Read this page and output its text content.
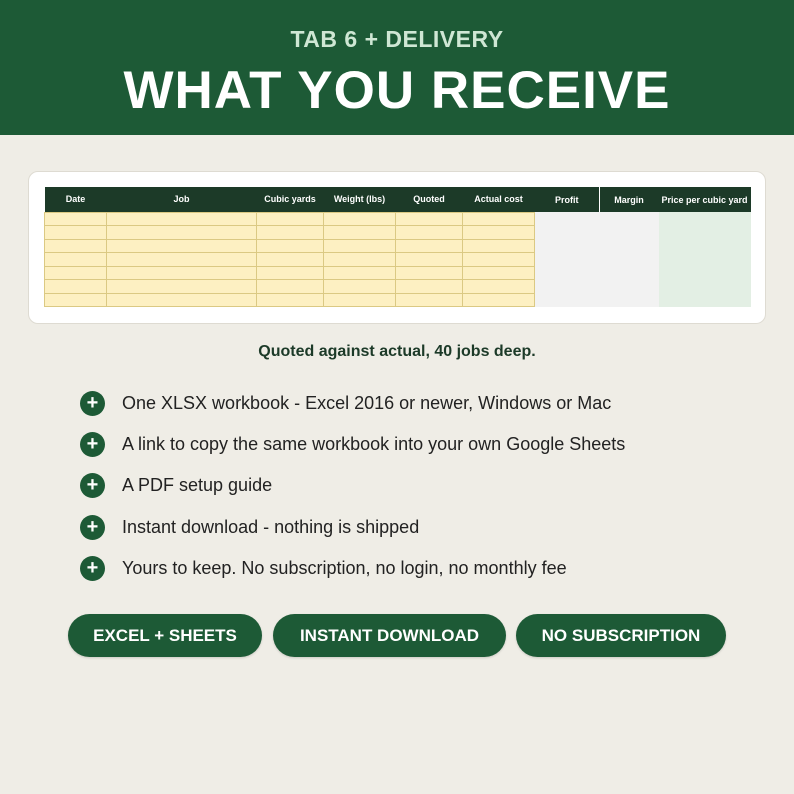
TAB 6 + DELIVERY
WHAT YOU RECEIVE
Date	Job	Cubic yards	Weight (lbs)	Quoted	Actual cost	Profit	Margin	Price per cubic yard

Quoted against actual, 40 jobs deep.
+	One XLSX workbook - Excel 2016 or newer, Windows or Mac
+	A link to copy the same workbook into your own Google Sheets
+	A PDF setup guide
+	Instant download - nothing is shipped
+	Yours to keep. No subscription, no login, no monthly fee
EXCEL + SHEETS	INSTANT DOWNLOAD	NO SUBSCRIPTION
